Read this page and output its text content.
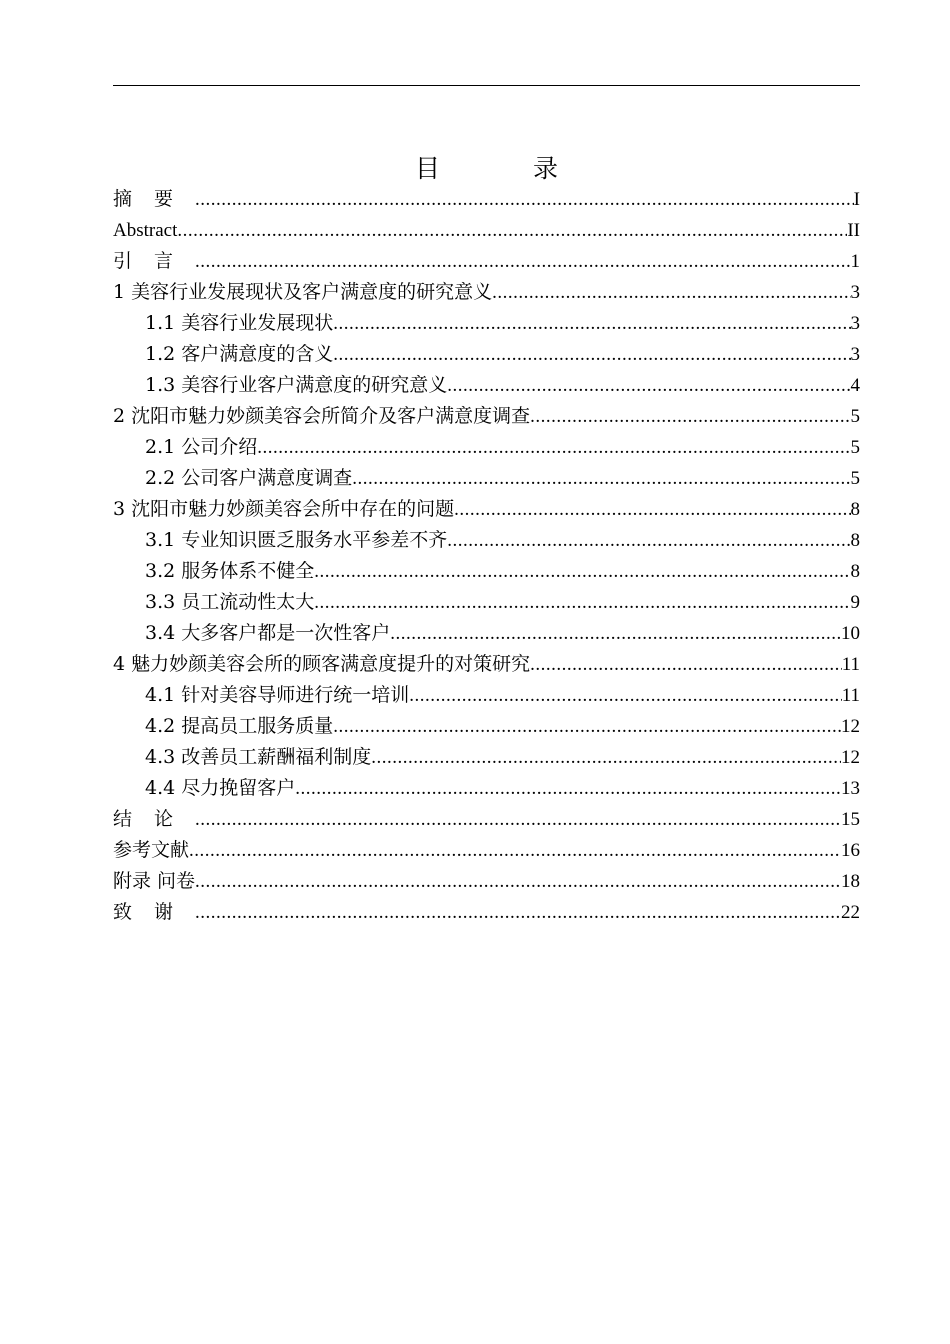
目　录
摘要 .....	I
Abstract .....	II
引言 .....	1
1 美容行业发展现状及客户满意度的研究意义 .....	3
1.1 美容行业发展现状 .....	3
1.2 客户满意度的含义 .....	3
1.3 美容行业客户满意度的研究意义 .....	4
2 沈阳市魅力妙颜美容会所简介及客户满意度调查 .....	5
2.1 公司介绍 .....	5
2.2 公司客户满意度调查 .....	5
3 沈阳市魅力妙颜美容会所中存在的问题 .....	8
3.1 专业知识匮乏服务水平参差不齐 .....	8
3.2 服务体系不健全 .....	8
3.3 员工流动性太大 .....	9
3.4 大多客户都是一次性客户 .....	10
4 魅力妙颜美容会所的顾客满意度提升的对策研究 .....	11
4.1 针对美容导师进行统一培训 .....	11
4.2 提高员工服务质量 .....	12
4.3 改善员工薪酬福利制度 .....	12
4.4 尽力挽留客户 .....	13
结论 .....	15
参考文献 .....	16
附录 问卷 .....	18
致谢 .....	22
